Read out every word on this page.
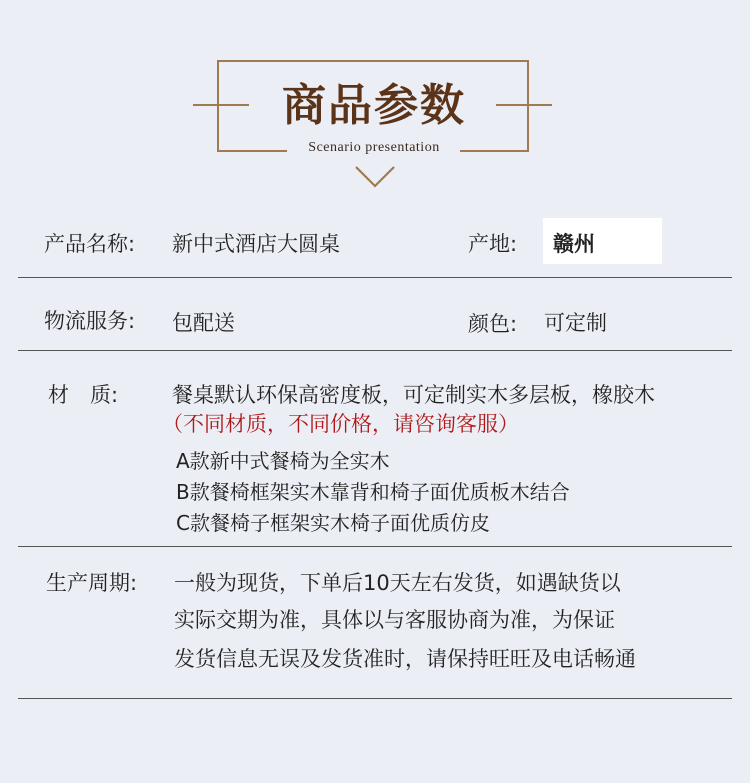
商品参数
Scenario presentation
产品名称: 新中式酒店大圆桌	产地: 赣州
物流服务: 包配送	颜色: 可定制
材　质:	餐桌默认环保高密度板，可定制实木多层板，橡胶木
（不同材质，不同价格，请咨询客服）
A款新中式餐椅为全实木
B款餐椅框架实木靠背和椅子面优质板木结合
C款餐椅子框架实木椅子面优质仿皮
生产周期: 一般为现货，下单后10天左右发货，如遇缺货以
实际交期为准，具体以与客服协商为准，为保证
发货信息无误及发货准时，请保持旺旺及电话畅通
